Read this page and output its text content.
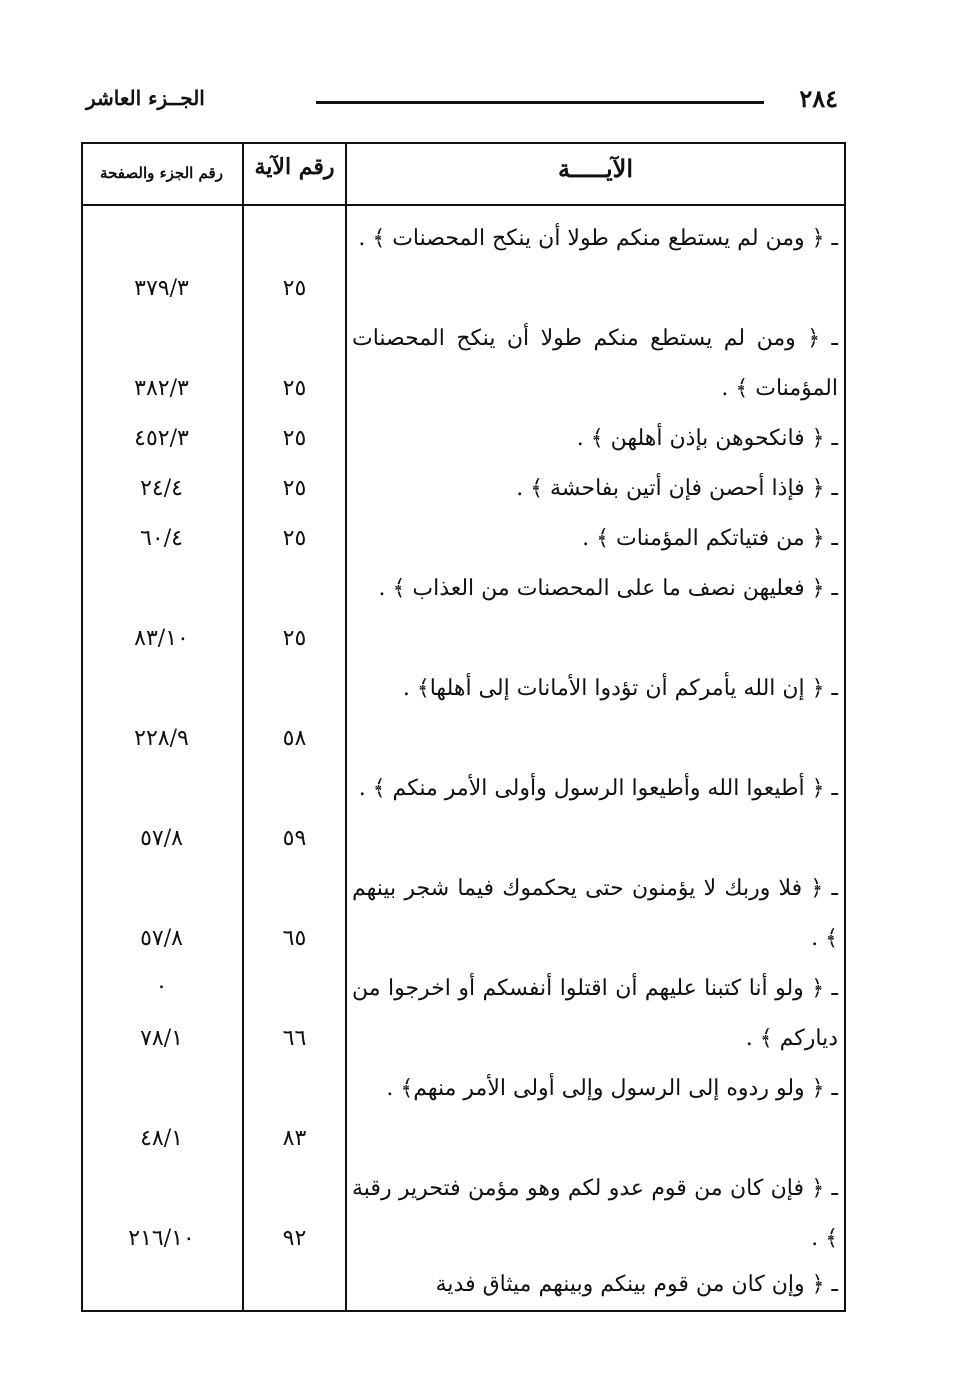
٢٨٤
الجــزء العاشر
الآيـــــة
رقم الآية
رقم الجزء والصفحة
ـ ﴿ ومن لم يستطع منكم طولا أن ينكح المحصنات ﴾ .
٢٥
٣٧٩/٣
ـ ﴿ ومن لم يستطع منكم طولا أن ينكح المحصنات المؤمنات ﴾ .
٢٥
٣٨٢/٣
ـ ﴿ فانكحوهن بإذن أهلهن ﴾ .
٢٥
٤٥٢/٣
ـ ﴿ فإذا أحصن فإن أتين بفاحشة ﴾ .
٢٥
٢٤/٤
ـ ﴿ من فتياتكم المؤمنات ﴾ .
٢٥
٦٠/٤
ـ ﴿ فعليهن نصف ما على المحصنات من العذاب ﴾ .
٢٥
٨٣/١٠
ـ ﴿ إن الله يأمركم أن تؤدوا الأمانات إلى أهلها﴾ .
٥٨
٢٢٨/٩
ـ ﴿ أطيعوا الله وأطيعوا الرسول وأولى الأمر منكم ﴾ .
٥٩
٥٧/٨
ـ ﴿ فلا وربك لا يؤمنون حتى يحكموك فيما شجر بينهم ﴾ .
٦٥
٥٧/٨
.	ـ ﴿ ولو أنا كتبنا عليهم أن اقتلوا أنفسكم أو اخرجوا من دياركم ﴾ .
٦٦
٧٨/١
ـ ﴿ ولو ردوه إلى الرسول وإلى أولى الأمر منهم﴾ .
٨٣
٤٨/١
ـ ﴿ فإن كان من قوم عدو لكم وهو مؤمن فتحرير رقبة ﴾ .
٩٢
٢١٦/١٠
ـ ﴿ وإن كان من قوم بينكم وبينهم ميثاق فدية
